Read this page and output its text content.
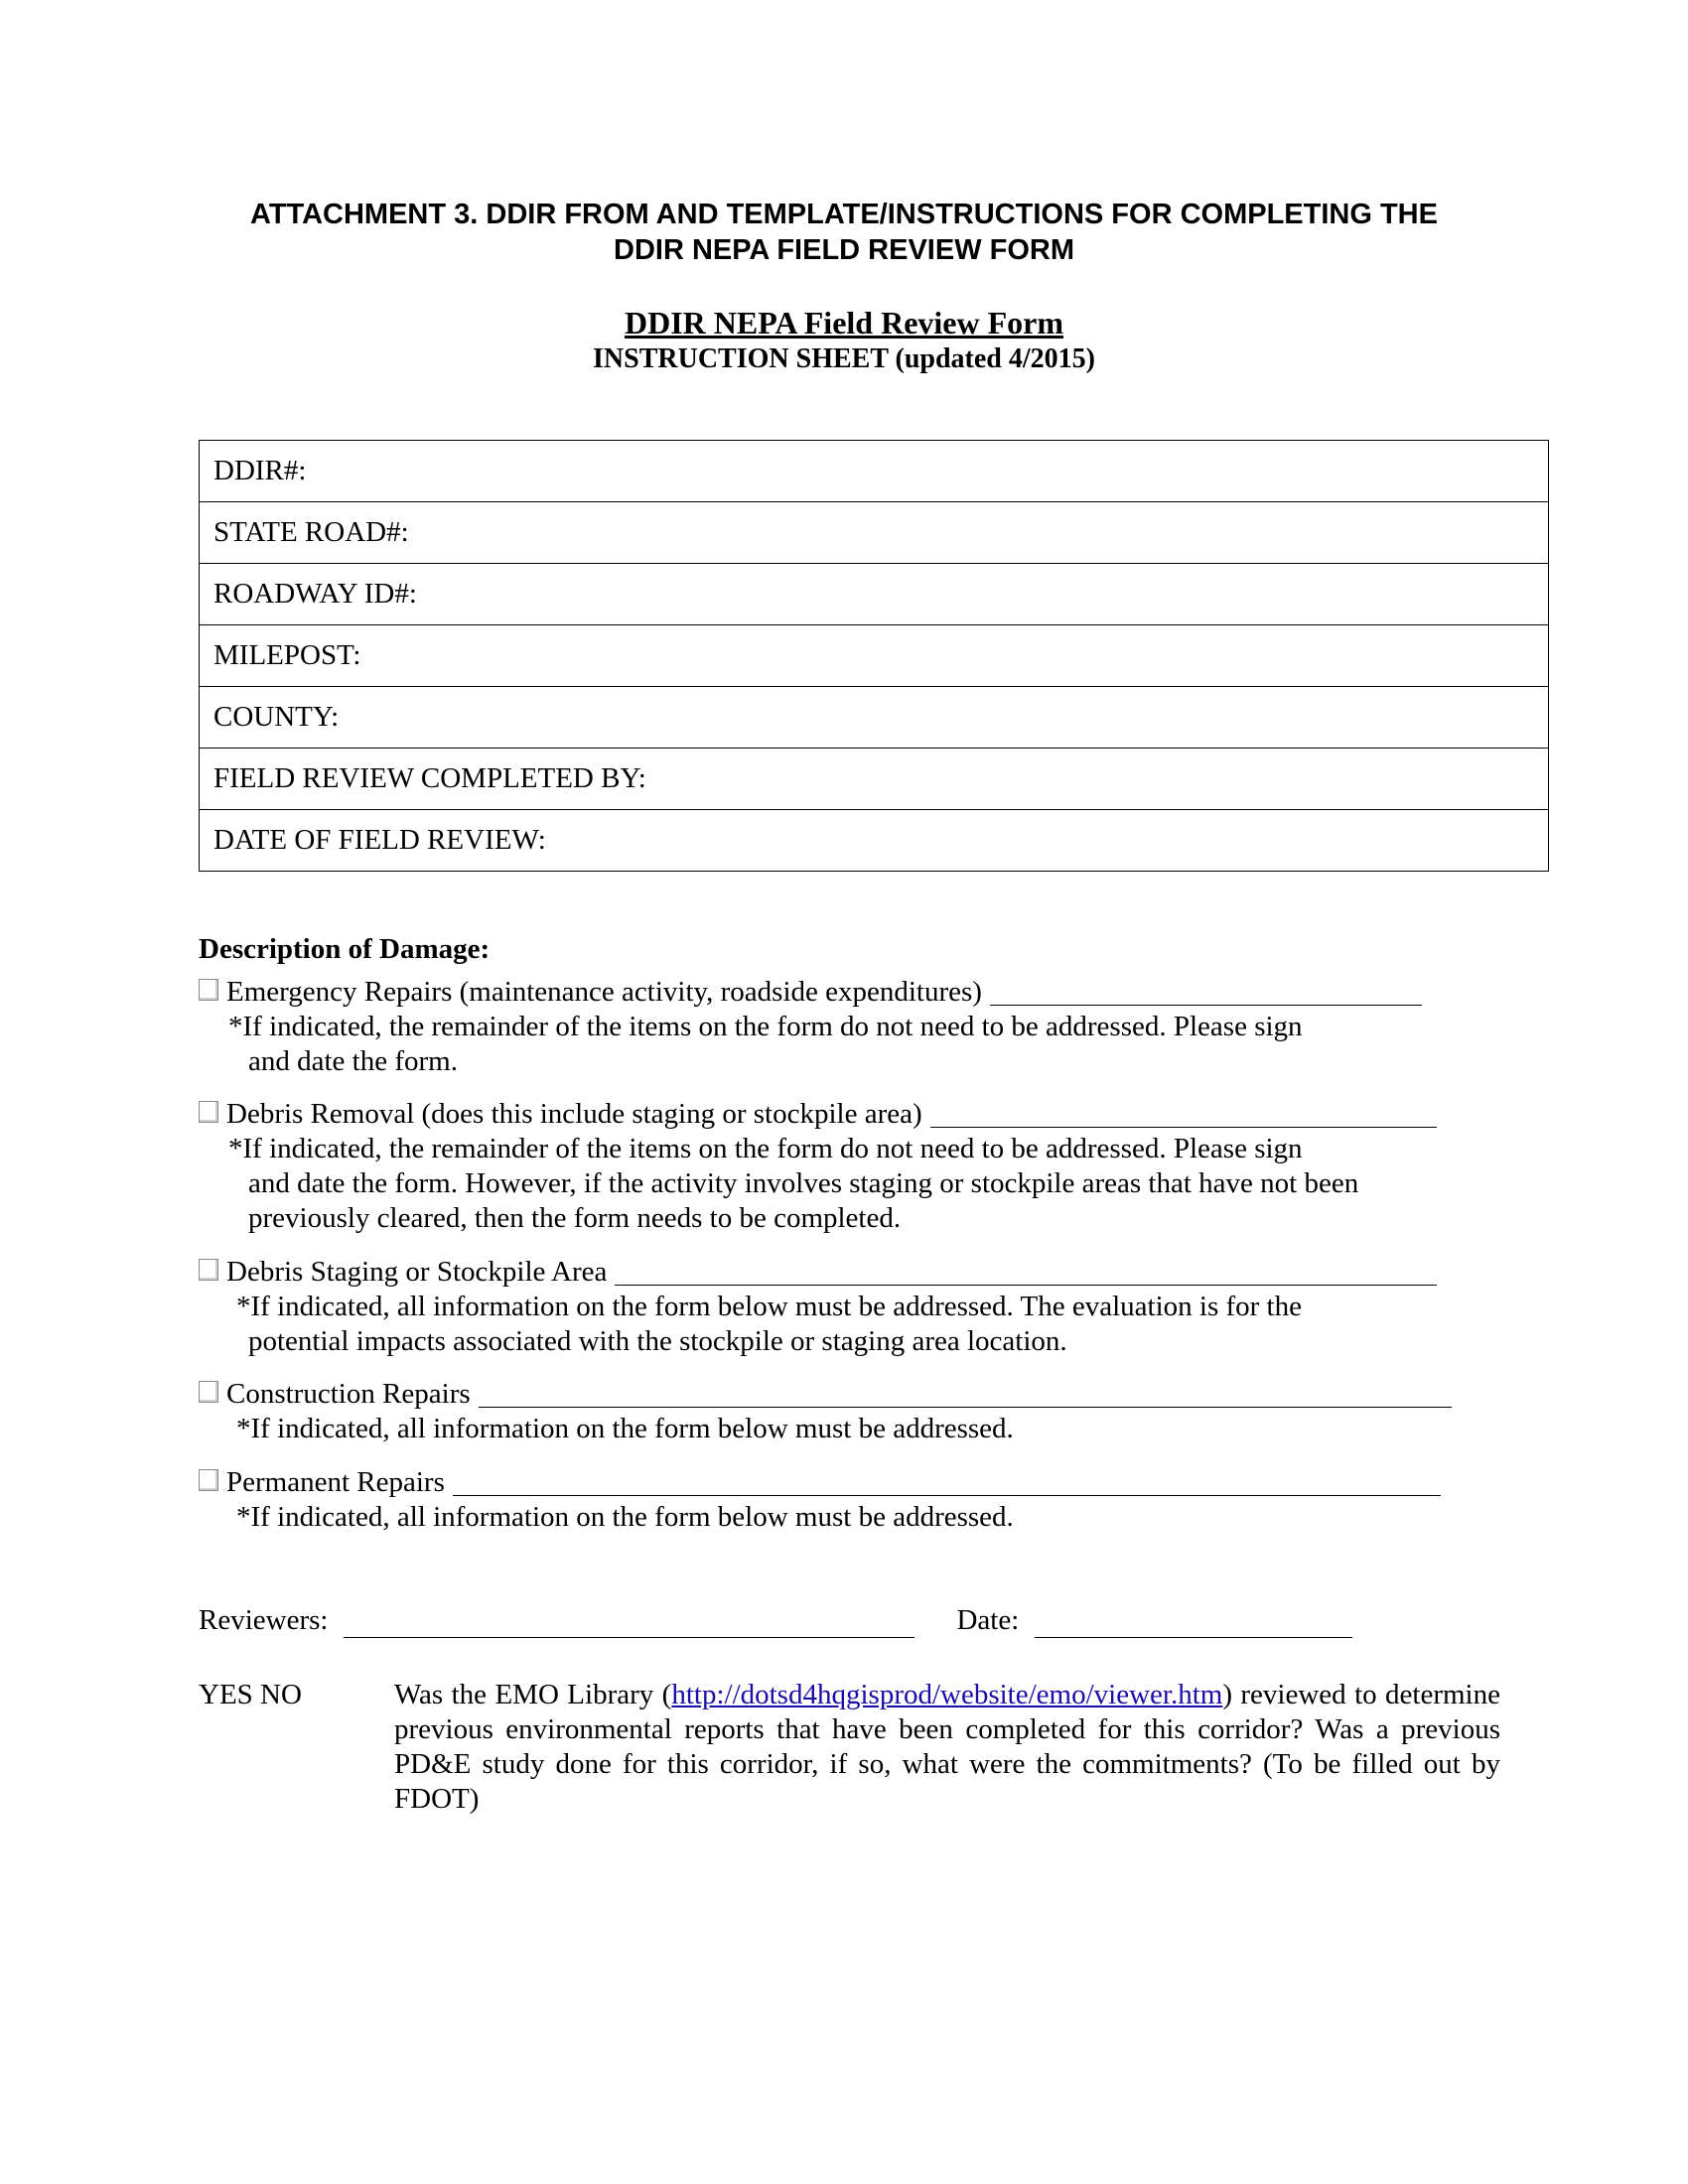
ATTACHMENT 3. DDIR FROM AND TEMPLATE/INSTRUCTIONS FOR COMPLETING THE
DDIR NEPA FIELD REVIEW FORM
DDIR NEPA Field Review Form
INSTRUCTION SHEET (updated 4/2015)
DDIR#:
STATE ROAD#:
ROADWAY ID#:
MILEPOST:
COUNTY:
FIELD REVIEW COMPLETED BY:
DATE OF FIELD REVIEW:
Description of Damage:
Emergency Repairs (maintenance activity, roadside expenditures)
*If indicated, the remainder of the items on the form do not need to be addressed. Please sign
and date the form.
Debris Removal (does this include staging or stockpile area)
*If indicated, the remainder of the items on the form do not need to be addressed. Please sign
and date the form. However, if the activity involves staging or stockpile areas that have not been
previously cleared, then the form needs to be completed.
Debris Staging or Stockpile Area
*If indicated, all information on the form below must be addressed. The evaluation is for the
potential impacts associated with the stockpile or staging area location.
Construction Repairs
*If indicated, all information on the form below must be addressed.
Permanent Repairs
*If indicated, all information on the form below must be addressed.
Reviewers:	Date:
YES NO	Was the EMO Library (http://dotsd4hqgisprod/website/emo/viewer.htm) reviewed to determine previous environmental reports that have been completed for this corridor? Was a previous PD&E study done for this corridor, if so, what were the commitments? (To be filled out by FDOT)
